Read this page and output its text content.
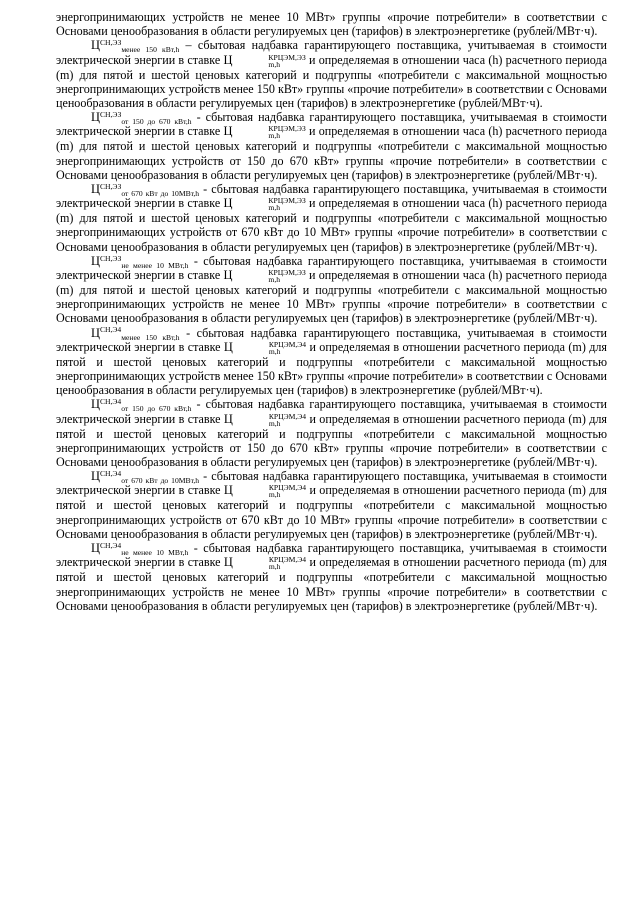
энергопринимающих устройств не менее 10 МВт» группы «прочие потребители» в соответствии с Основами ценообразования в области регулируемых цен (тарифов) в электроэнергетике (рублей/МВт·ч).

$Ц^{СН,ЭЗ}_{менее 150 кВт,h}$ – сбытовая надбавка гарантирующего поставщика, учитываемая в стоимости электрической энергии в ставке Ц	КРЦЭМ,ЭЗ
m,h	и определяемая в отношении часа (h) расчетного периода (m) для пятой и шестой ценовых категорий и подгруппы «потребители с максимальной мощностью энергопринимающих устройств менее 150 кВт» группы «прочие потребители» в соответствии с Основами ценообразования в области регулируемых цен (тарифов) в электроэнергетике (рублей/МВт·ч).

$Ц^{СН,ЭЗ}_{от 150 до 670 кВт,h}$ - сбытовая надбавка гарантирующего поставщика, учитываемая в стоимости электрической энергии в ставке Ц	КРЦЭМ,ЭЗ
m,h	и определяемая в отношении часа (h) расчетного периода (m) для пятой и шестой ценовых категорий и подгруппы «потребители с максимальной мощностью энергопринимающих устройств от 150 до 670 кВт» группы «прочие потребители» в соответствии с Основами ценообразования в области регулируемых цен (тарифов) в электроэнергетике (рублей/МВт·ч).

$Ц^{СН,ЭЗ}_{от 670 кВт до 10МВт,h}$ - сбытовая надбавка гарантирующего поставщика, учитываемая в стоимости электрической энергии в ставке Ц	КРЦЭМ,ЭЗ
m,h	и определяемая в отношении часа (h) расчетного периода (m) для пятой и шестой ценовых категорий и подгруппы «потребители с максимальной мощностью энергопринимающих устройств от 670 кВт до 10 МВт» группы «прочие потребители» в соответствии с Основами ценообразования в области регулируемых цен (тарифов) в электроэнергетике (рублей/МВт·ч).

$Ц^{СН,ЭЗ}_{не менее 10 МВт,h}$ - сбытовая надбавка гарантирующего поставщика, учитываемая в стоимости электрической энергии в ставке Ц	КРЦЭМ,ЭЗ
m,h	и определяемая в отношении часа (h) расчетного периода (m) для пятой и шестой ценовых категорий и подгруппы «потребители с максимальной мощностью энергопринимающих устройств не менее 10 МВт» группы «прочие потребители» в соответствии с Основами ценообразования в области регулируемых цен (тарифов) в электроэнергетике (рублей/МВт·ч).

$Ц^{СН,Э4}_{менее 150 кВт,h}$ - сбытовая надбавка гарантирующего поставщика, учитываемая в стоимости электрической энергии в ставке Ц	КРЦЭМ,Э4
m,h	и определяемая в отношении расчетного периода (m) для пятой и шестой ценовых категорий и подгруппы «потребители с максимальной мощностью энергопринимающих устройств менее 150 кВт» группы «прочие потребители» в соответствии с Основами ценообразования в области регулируемых цен (тарифов) в электроэнергетике (рублей/МВт·ч).

$Ц^{СН,Э4}_{от 150 до 670 кВт,h}$ - сбытовая надбавка гарантирующего поставщика, учитываемая в стоимости электрической энергии в ставке Ц	КРЦЭМ,Э4
m,h	и определяемая в отношении расчетного периода (m) для пятой и шестой ценовых категорий и подгруппы «потребители с максимальной мощностью энергопринимающих устройств от 150 до 670 кВт» группы «прочие потребители» в соответствии с Основами ценообразования в области регулируемых цен (тарифов) в электроэнергетике (рублей/МВт·ч).

$Ц^{СН,Э4}_{от 670 кВт до 10МВт,h}$ - сбытовая надбавка гарантирующего поставщика, учитываемая в стоимости электрической энергии в ставке Ц	КРЦЭМ,Э4
m,h	и определяемая в отношении расчетного периода (m) для пятой и шестой ценовых категорий и подгруппы «потребители с максимальной мощностью энергопринимающих устройств от 670 кВт до 10 МВт» группы «прочие потребители» в соответствии с Основами ценообразования в области регулируемых цен (тарифов) в электроэнергетике (рублей/МВт·ч).

$Ц^{СН,Э4}_{не менее 10 МВт,h}$ - сбытовая надбавка гарантирующего поставщика, учитываемая в стоимости электрической энергии в ставке Ц	КРЦЭМ,Э4
m,h	и определяемая в отношении расчетного периода (m) для пятой и шестой ценовых категорий и подгруппы «потребители с максимальной мощностью энергопринимающих устройств не менее 10 МВт» группы «прочие потребители» в соответствии с Основами ценообразования в области регулируемых цен (тарифов) в электроэнергетике (рублей/МВт·ч).
